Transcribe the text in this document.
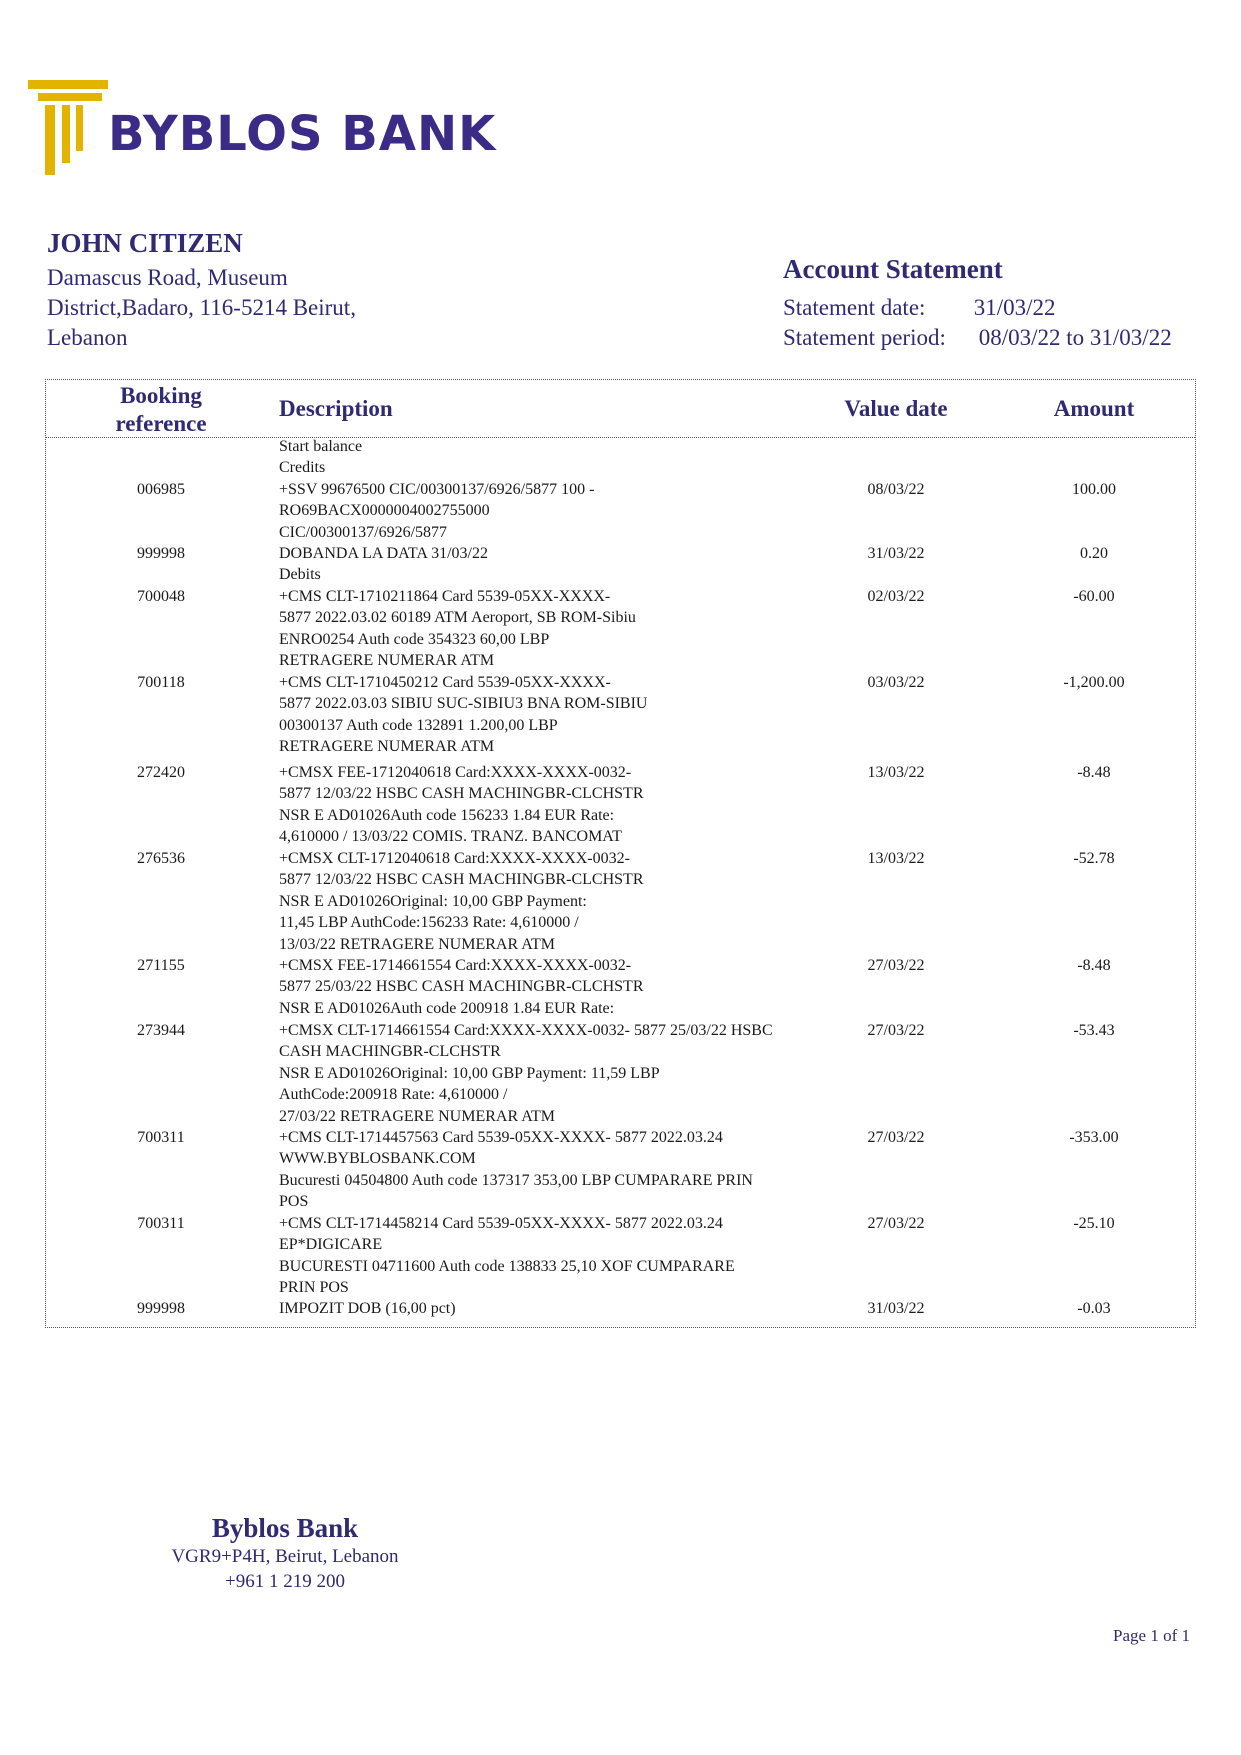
BYBLOS BANK
JOHN CITIZEN
Damascus Road, Museum
District,Badaro, 116-5214 Beirut,
Lebanon
Account Statement
Statement date: 31/03/22
Statement period: 08/03/22 to 31/03/22
Booking
reference
Description	Value date	Amount
Start balance
Credits
006985	+SSV 99676500 CIC/00300137/6926/5877 100 -
RO69BACX0000004002755000
CIC/00300137/6926/5877
08/03/22	100.00
999998	DOBANDA LA DATA 31/03/22	31/03/22	0.20
Debits
700048	+CMS CLT-1710211864 Card 5539-05XX-XXXX-
5877 2022.03.02 60189 ATM Aeroport, SB ROM-Sibiu
ENRO0254 Auth code 354323 60,00 LBP
RETRAGERE NUMERAR ATM
02/03/22	-60.00
700118	+CMS CLT-1710450212 Card 5539-05XX-XXXX-
5877 2022.03.03 SIBIU SUC-SIBIU3 BNA ROM-SIBIU
00300137 Auth code 132891 1.200,00 LBP
RETRAGERE NUMERAR ATM
03/03/22	-1,200.00
272420	+CMSX FEE-1712040618 Card:XXXX-XXXX-0032-
5877 12/03/22 HSBC CASH MACHINGBR-CLCHSTR
NSR E AD01026Auth code 156233 1.84 EUR Rate:
4,610000 / 13/03/22 COMIS. TRANZ. BANCOMAT
13/03/22	-8.48
276536	+CMSX CLT-1712040618 Card:XXXX-XXXX-0032-
5877 12/03/22 HSBC CASH MACHINGBR-CLCHSTR
NSR E AD01026Original: 10,00 GBP Payment:
11,45 LBP AuthCode:156233 Rate: 4,610000 /
13/03/22 RETRAGERE NUMERAR ATM
13/03/22	-52.78
271155	+CMSX FEE-1714661554 Card:XXXX-XXXX-0032-
5877 25/03/22 HSBC CASH MACHINGBR-CLCHSTR
NSR E AD01026Auth code 200918 1.84 EUR Rate:
27/03/22	-8.48
273944	+CMSX CLT-1714661554 Card:XXXX-XXXX-0032- 5877 25/03/22 HSBC
CASH MACHINGBR-CLCHSTR
NSR E AD01026Original: 10,00 GBP Payment: 11,59 LBP
AuthCode:200918 Rate: 4,610000 /
27/03/22 RETRAGERE NUMERAR ATM
27/03/22	-53.43
700311	+CMS CLT-1714457563 Card 5539-05XX-XXXX- 5877 2022.03.24
WWW.BYBLOSBANK.COM
Bucuresti 04504800 Auth code 137317 353,00 LBP CUMPARARE PRIN
POS
27/03/22	-353.00
700311	+CMS CLT-1714458214 Card 5539-05XX-XXXX- 5877 2022.03.24
EP*DIGICARE
BUCURESTI 04711600 Auth code 138833 25,10 XOF CUMPARARE
PRIN POS
27/03/22	-25.10
999998	IMPOZIT DOB (16,00 pct)	31/03/22	-0.03
Byblos Bank
VGR9+P4H, Beirut, Lebanon
+961 1 219 200
Page 1 of 1
